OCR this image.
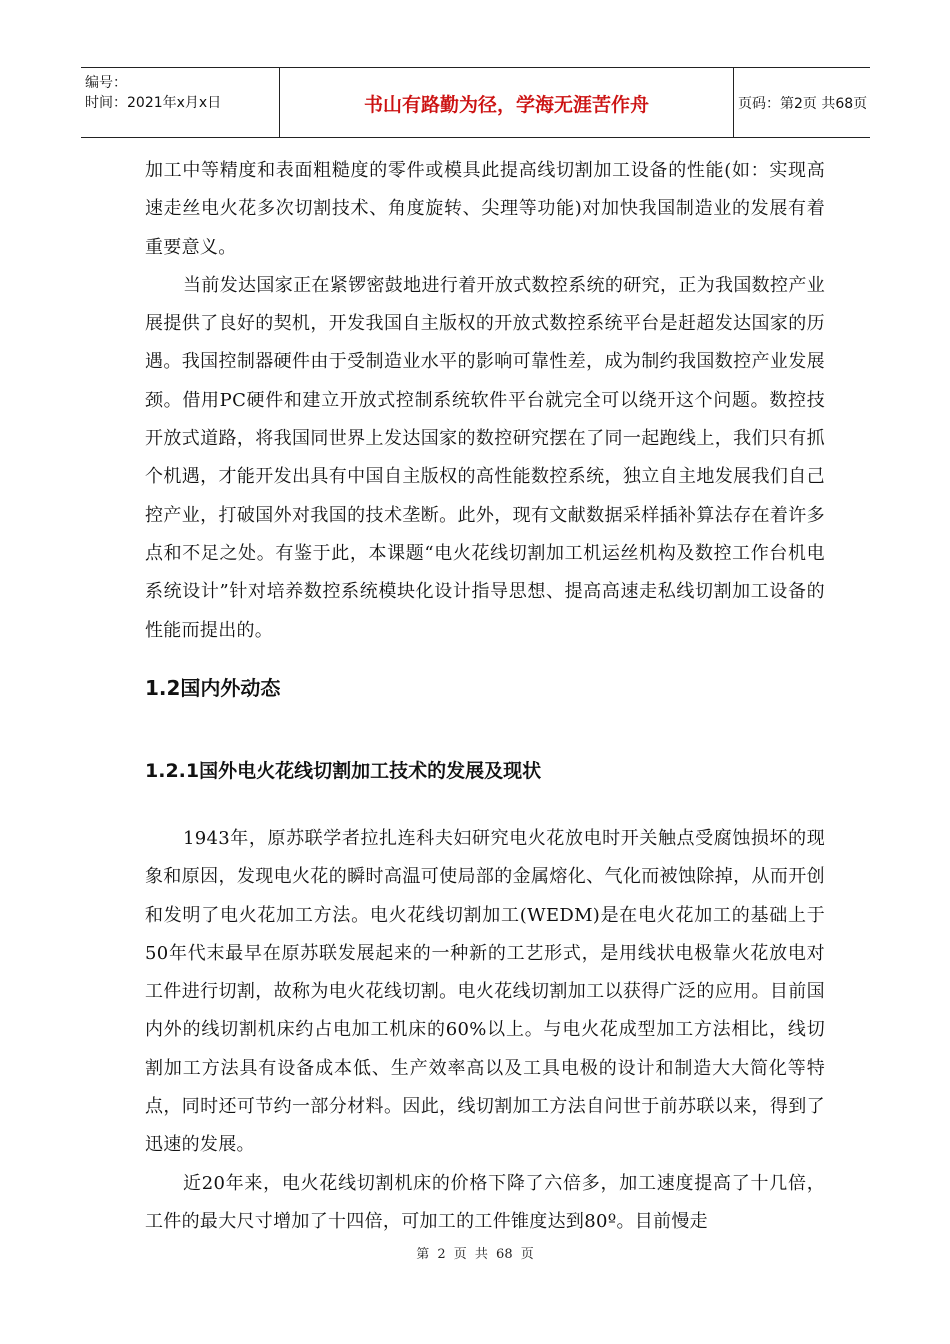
编号：
时间：2021年x月x日	书山有路勤为径，学海无涯苦作舟	页码：第2页 共68页

加工中等精度和表面粗糙度的零件或模具此提高线切割加工设备的性能(如：实现高速走丝电火花多次切割技术、角度旋转、尖理等功能)对加快我国制造业的发展有着重要意义。

当前发达国家正在紧锣密鼓地进行着开放式数控系统的研究，正为我国数控产业展提供了良好的契机，开发我国自主版权的开放式数控系统平台是赶超发达国家的历遇。我国控制器硬件由于受制造业水平的影响可靠性差，成为制约我国数控产业发展颈。借用PC硬件和建立开放式控制系统软件平台就完全可以绕开这个问题。数控技开放式道路，将我国同世界上发达国家的数控研究摆在了同一起跑线上，我们只有抓个机遇，才能开发出具有中国自主版权的高性能数控系统，独立自主地发展我们自己控产业，打破国外对我国的技术垄断。此外，现有文献数据采样插补算法存在着许多点和不足之处。有鉴于此，本课题“电火花线切割加工机运丝机构及数控工作台机电系统设计”针对培养数控系统模块化设计指导思想、提高高速走私线切割加工设备的性能而提出的。

1.2国内外动态
1.2.1国外电火花线切割加工技术的发展及现状

1943年，原苏联学者拉扎连科夫妇研究电火花放电时开关触点受腐蚀损坏的现象和原因，发现电火花的瞬时高温可使局部的金属熔化、气化而被蚀除掉，从而开创和发明了电火花加工方法。电火花线切割加工(WEDM)是在电火花加工的基础上于50年代末最早在原苏联发展起来的一种新的工艺形式，是用线状电极靠火花放电对工件进行切割，故称为电火花线切割。电火花线切割加工以获得广泛的应用。目前国内外的线切割机床约占电加工机床的60%以上。与电火花成型加工方法相比，线切割加工方法具有设备成本低、生产效率高以及工具电极的设计和制造大大简化等特点，同时还可节约一部分材料。因此，线切割加工方法自问世于前苏联以来，得到了迅速的发展。

近20年来，电火花线切割机床的价格下降了六倍多，加工速度提高了十几倍，工件的最大尺寸增加了十四倍，可加工的工件锥度达到80º。目前慢走

第 2 页 共 68 页
